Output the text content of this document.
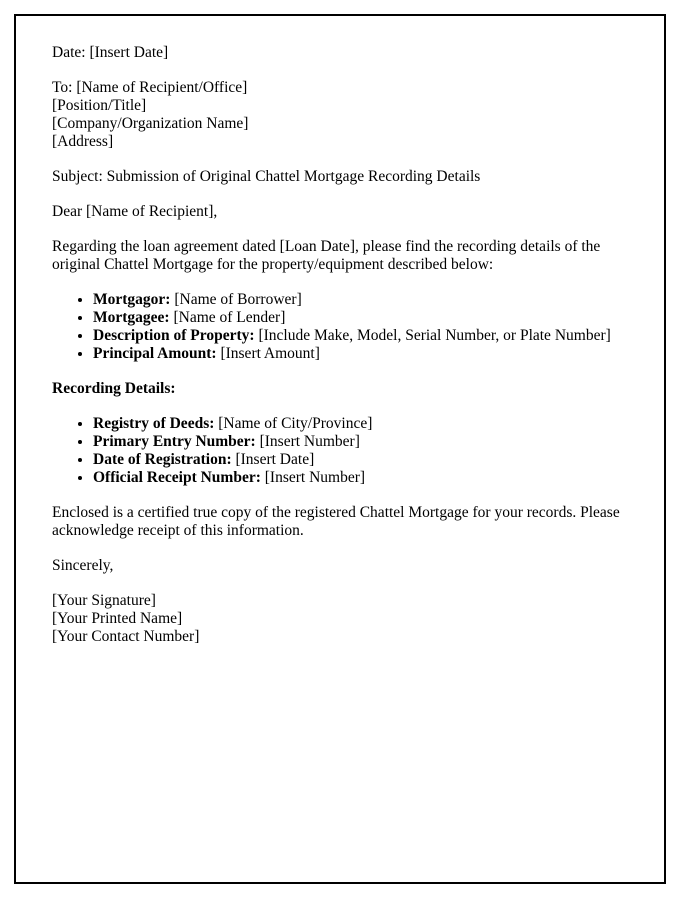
Date: [Insert Date]

To: [Name of Recipient/Office]
[Position/Title]
[Company/Organization Name]
[Address]

Subject: Submission of Original Chattel Mortgage Recording Details

Dear [Name of Recipient],

Regarding the loan agreement dated [Loan Date], please find the recording details of the original Chattel Mortgage for the property/equipment described below:

• Mortgagor: [Name of Borrower]
• Mortgagee: [Name of Lender]
• Description of Property: [Include Make, Model, Serial Number, or Plate Number]
• Principal Amount: [Insert Amount]

Recording Details:

• Registry of Deeds: [Name of City/Province]
• Primary Entry Number: [Insert Number]
• Date of Registration: [Insert Date]
• Official Receipt Number: [Insert Number]

Enclosed is a certified true copy of the registered Chattel Mortgage for your records. Please acknowledge receipt of this information.

Sincerely,

[Your Signature]
[Your Printed Name]
[Your Contact Number]
